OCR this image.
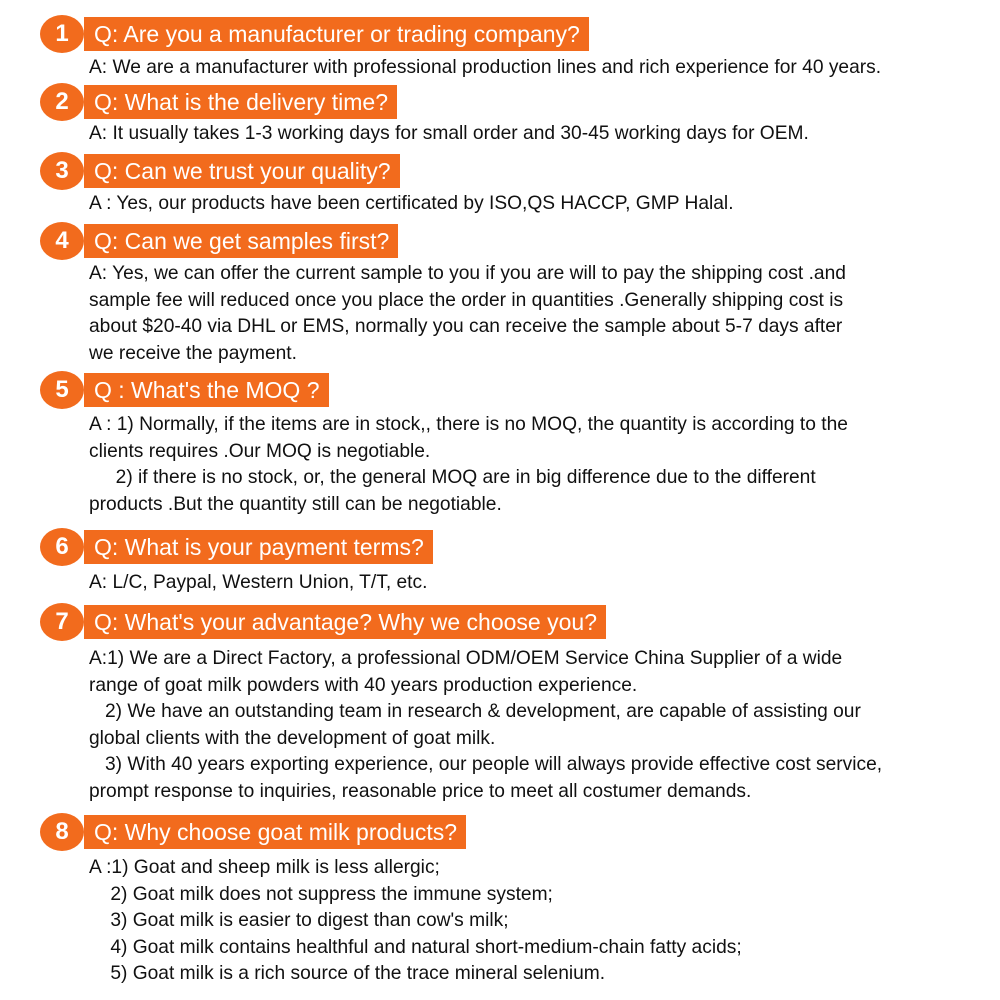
1	Q: Are you a manufacturer or trading company?
A: We are a manufacturer with professional production lines and rich experience for 40 years.
2	Q: What is the delivery time?
A: It usually takes 1-3 working days for small order and 30-45 working days for OEM.
3	Q: Can we trust your quality?
A : Yes, our products have been certificated by ISO,QS HACCP, GMP Halal.
4	Q: Can we get samples first?
A: Yes, we can offer the current sample to you if you are will to pay the shipping cost .and
sample fee will reduced once you place the order in quantities .Generally shipping cost is
about $20-40 via DHL or EMS, normally you can receive the sample about 5-7 days after
we receive the payment.
5	Q : What's the MOQ ?
A : 1) Normally, if the items are in stock,, there is no MOQ, the quantity is according to the
clients requires .Our MOQ is negotiable.
2) if there is no stock, or, the general MOQ are in big difference due to the different
products .But the quantity still can be negotiable.
6	Q: What is your payment terms?
A: L/C, Paypal, Western Union, T/T, etc.
7	Q: What's your advantage? Why we choose you?
A:1) We are a Direct Factory, a professional ODM/OEM Service China Supplier of a wide
range of goat milk powders with 40 years production experience.
2) We have an outstanding team in research & development, are capable of assisting our
global clients with the development of goat milk.
3) With 40 years exporting experience, our people will always provide effective cost service,
prompt response to inquiries, reasonable price to meet all costumer demands.
8	Q: Why choose goat milk products?
A :1) Goat and sheep milk is less allergic;
2) Goat milk does not suppress the immune system;
3) Goat milk is easier to digest than cow's milk;
4) Goat milk contains healthful and natural short-medium-chain fatty acids;
5) Goat milk is a rich source of the trace mineral selenium.
